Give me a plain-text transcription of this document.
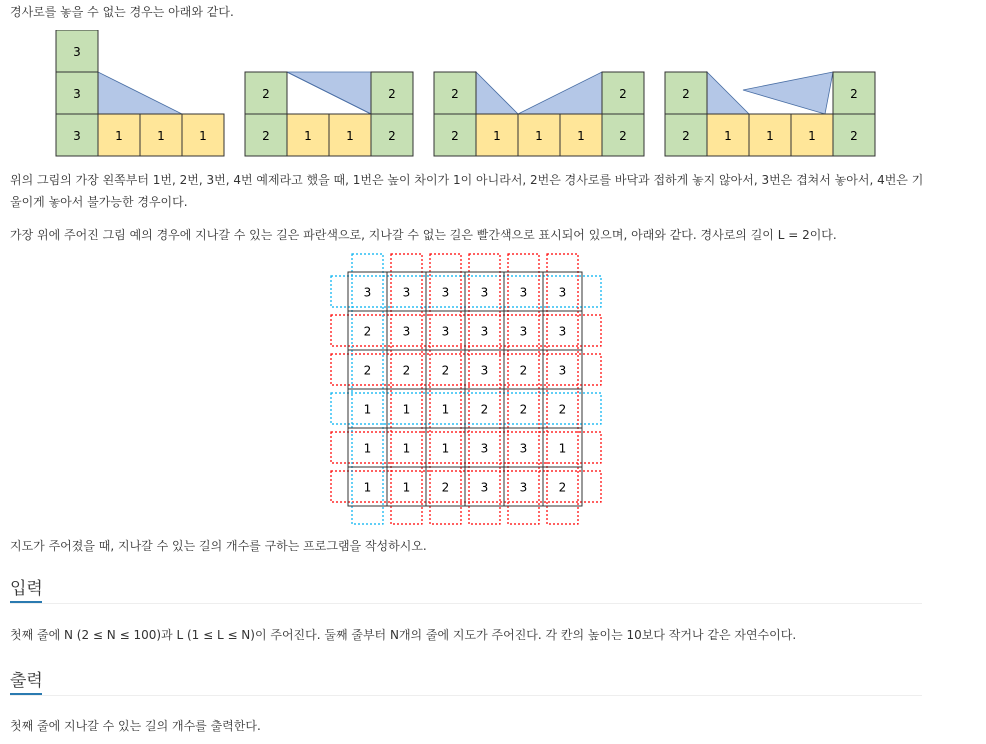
경사로를 놓을 수 없는 경우는 아래와 같다.
3
3
3	1	1	1
2
2	1	1
2
2
2
2	1	1	1
2
2
2
2	1	1	1
2
2
위의 그림의 가장 왼쪽부터 1번, 2번, 3번, 4번 예제라고 했을 때, 1번은 높이 차이가 1이 아니라서, 2번은 경사로를 바닥과 접하게 놓지 않아서, 3번은 겹쳐서 놓아서, 4번은 기
울이게 놓아서 불가능한 경우이다.
가장 위에 주어진 그림 예의 경우에 지나갈 수 있는 길은 파란색으로, 지나갈 수 없는 길은 빨간색으로 표시되어 있으며, 아래와 같다. 경사로의 길이 L = 2이다.
3	3	3	3	3	3
2	3	3	3	3	3
2	2	2	3	2	3
1	1	1	2	2	2
1	1	1	3	3	1
1	1	2	3	3	2
지도가 주어졌을 때, 지나갈 수 있는 길의 개수를 구하는 프로그램을 작성하시오.
입력
첫째 줄에 N (2 ≤ N ≤ 100)과 L (1 ≤ L ≤ N)이 주어진다. 둘째 줄부터 N개의 줄에 지도가 주어진다. 각 칸의 높이는 10보다 작거나 같은 자연수이다.
출력
첫째 줄에 지나갈 수 있는 길의 개수를 출력한다.
